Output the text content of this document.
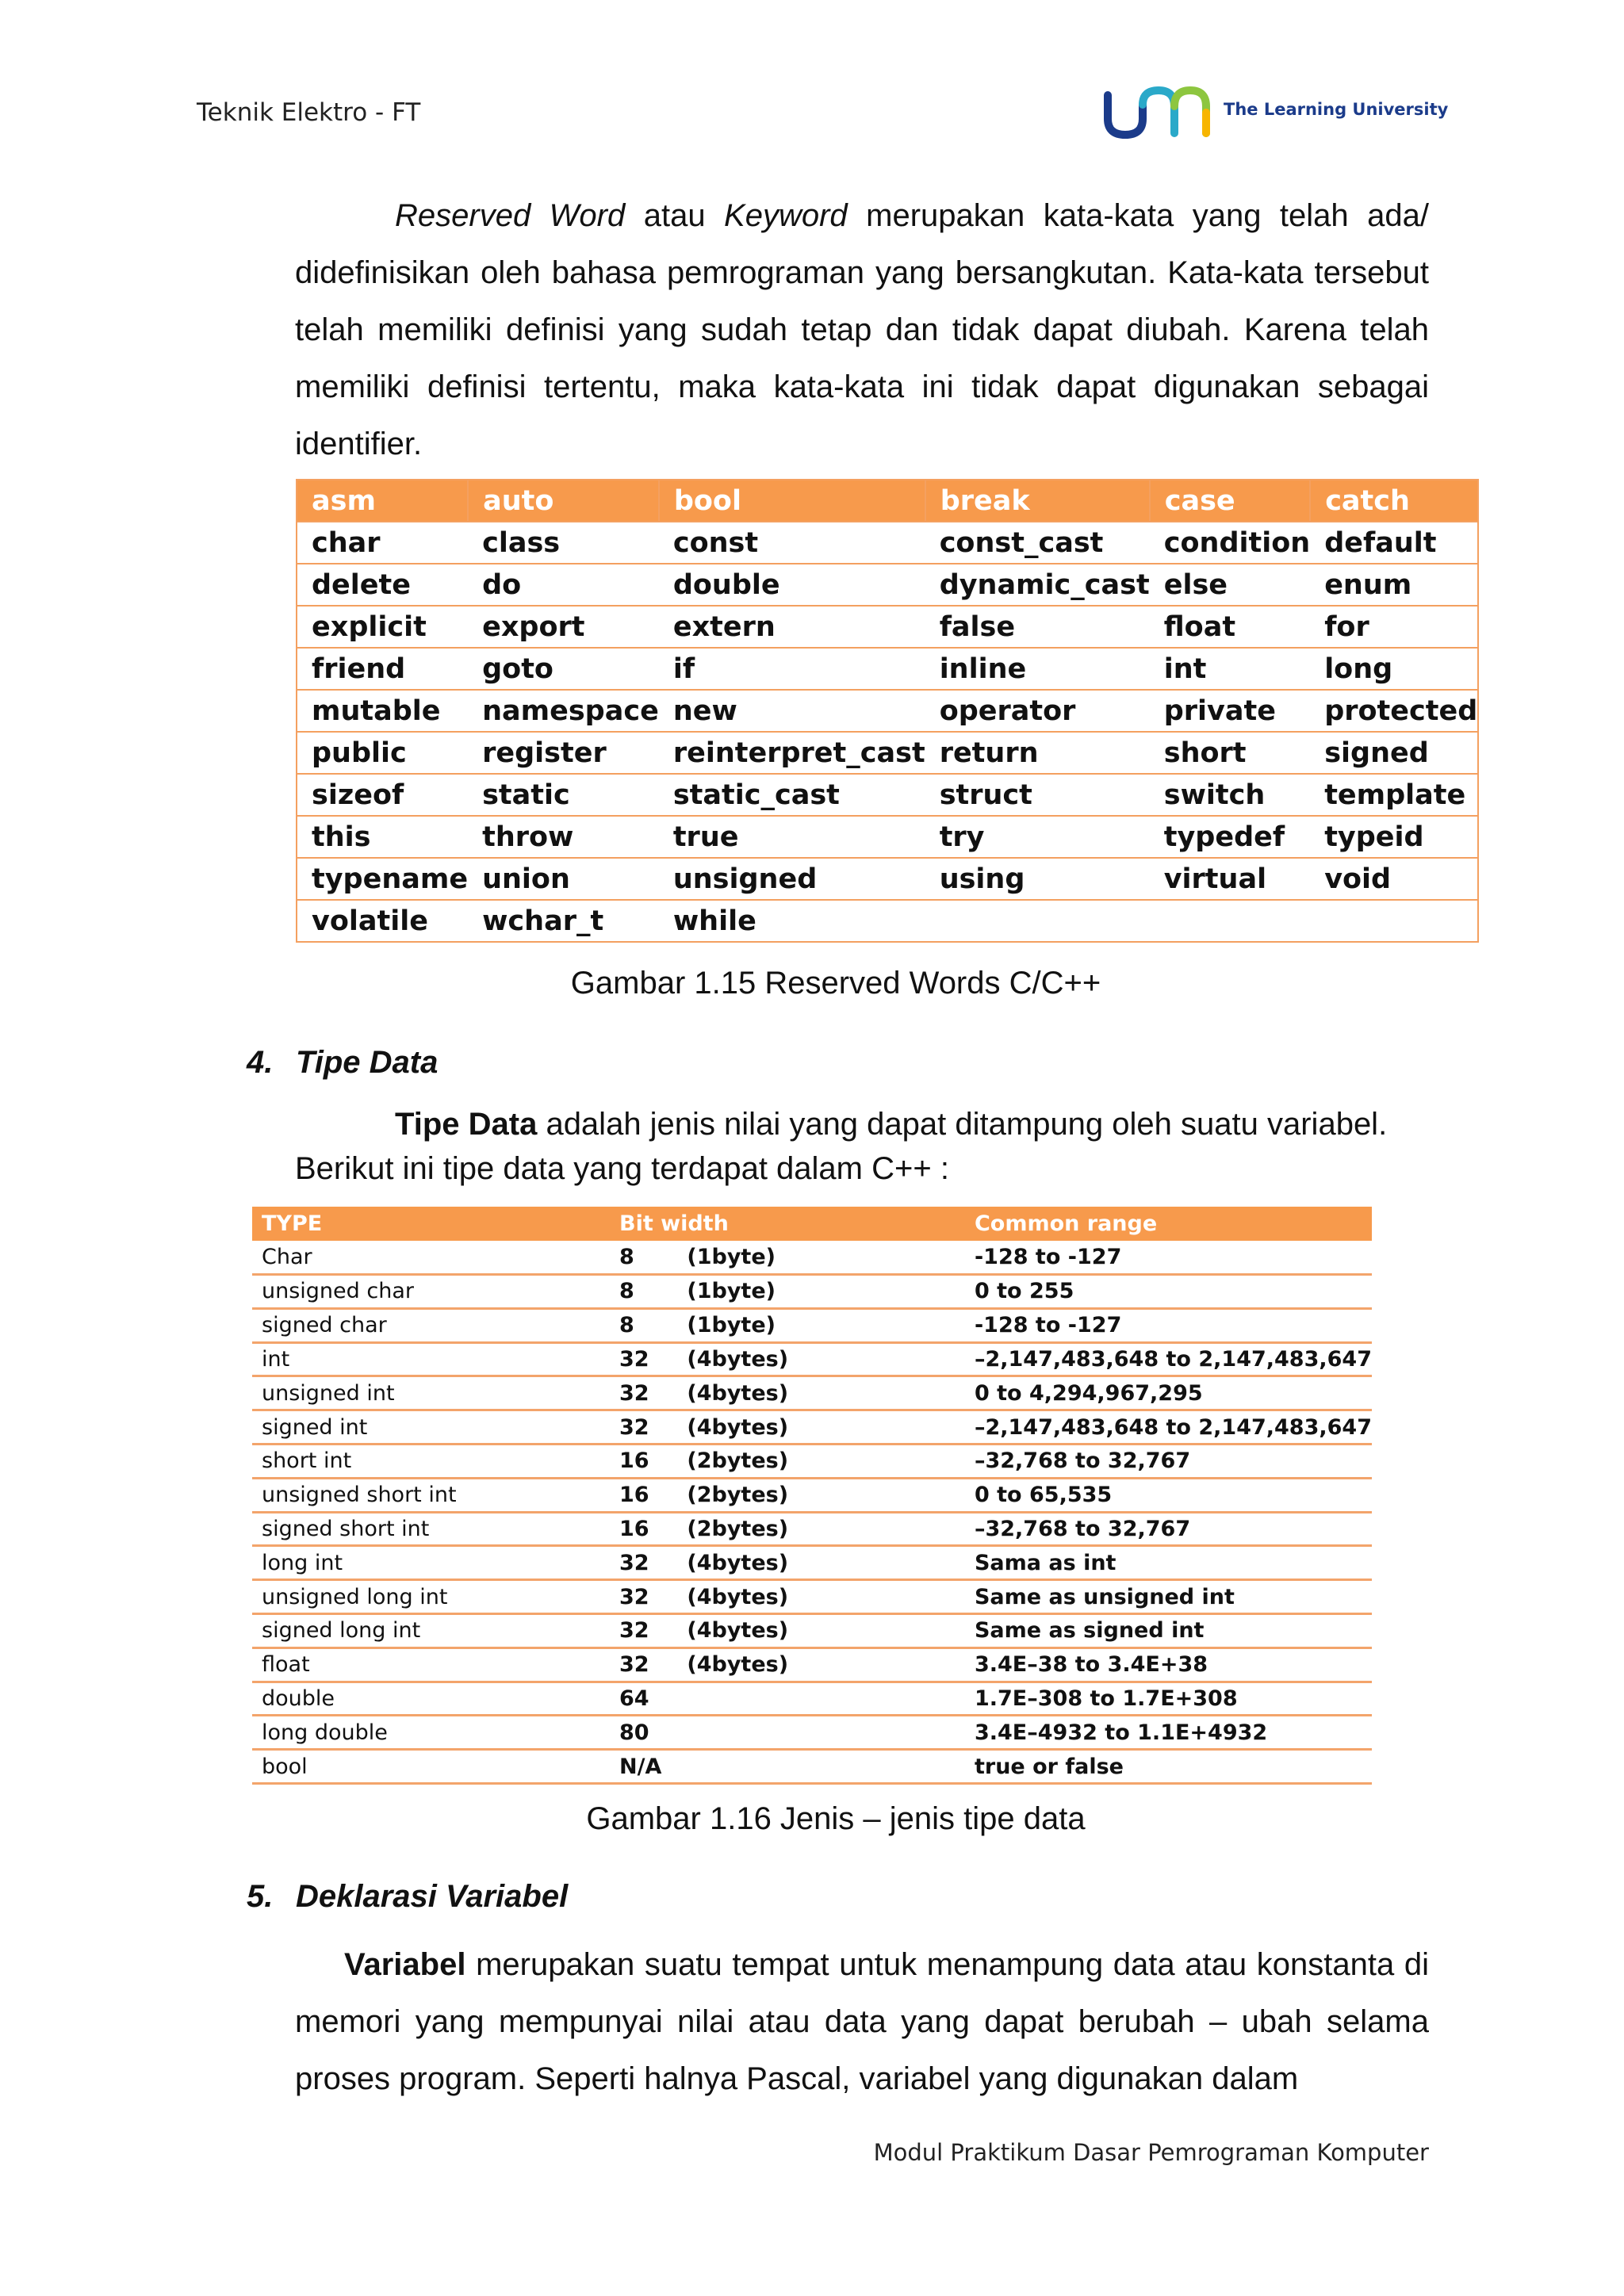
Teknik Elektro - FT	The Learning University

Reserved Word atau Keyword merupakan kata-kata yang telah ada/ didefinisikan oleh bahasa pemrograman yang bersangkutan. Kata-kata tersebut telah memiliki definisi yang sudah tetap dan tidak dapat diubah. Karena telah memiliki definisi tertentu, maka kata-kata ini tidak dapat digunakan sebagai identifier.

asm	auto	bool	break	case	catch
char	class	const	const_cast	condition	default
delete	do	double	dynamic_cast	else	enum
explicit	export	extern	false	float	for
friend	goto	if	inline	int	long
mutable	namespace	new	operator	private	protected
public	register	reinterpret_cast	return	short	signed
sizeof	static	static_cast	struct	switch	template
this	throw	true	try	typedef	typeid
typename	union	unsigned	using	virtual	void
volatile	wchar_t	while			
Gambar 1.15 Reserved Words C/C++
4. Tipe Data
Tipe Data adalah jenis nilai yang dapat ditampung oleh suatu variabel.
Berikut ini tipe data yang terdapat dalam C++ :
TYPE	Bit width		Common range
Char	8	(1byte)	-128 to -127
unsigned char	8	(1byte)	0 to 255
signed char	8	(1byte)	-128 to -127
int	32	(4bytes)	–2,147,483,648 to 2,147,483,647
unsigned int	32	(4bytes)	0 to 4,294,967,295
signed int	32	(4bytes)	–2,147,483,648 to 2,147,483,647
short int	16	(2bytes)	–32,768 to 32,767
unsigned short int	16	(2bytes)	0 to 65,535
signed short int	16	(2bytes)	–32,768 to 32,767
long int	32	(4bytes)	Sama as int
unsigned long int	32	(4bytes)	Same as unsigned int
signed long int	32	(4bytes)	Same as signed int
float	32	(4bytes)	3.4E–38 to 3.4E+38
double	64		1.7E–308 to 1.7E+308
long double	80		3.4E–4932 to 1.1E+4932
bool	N/A		true or false
Gambar 1.16 Jenis – jenis tipe data
5. Deklarasi Variabel

Variabel merupakan suatu tempat untuk menampung data atau konstanta di memori yang mempunyai nilai atau data yang dapat berubah – ubah selama proses program. Seperti halnya Pascal, variabel yang digunakan dalam

Modul Praktikum Dasar Pemrograman Komputer
